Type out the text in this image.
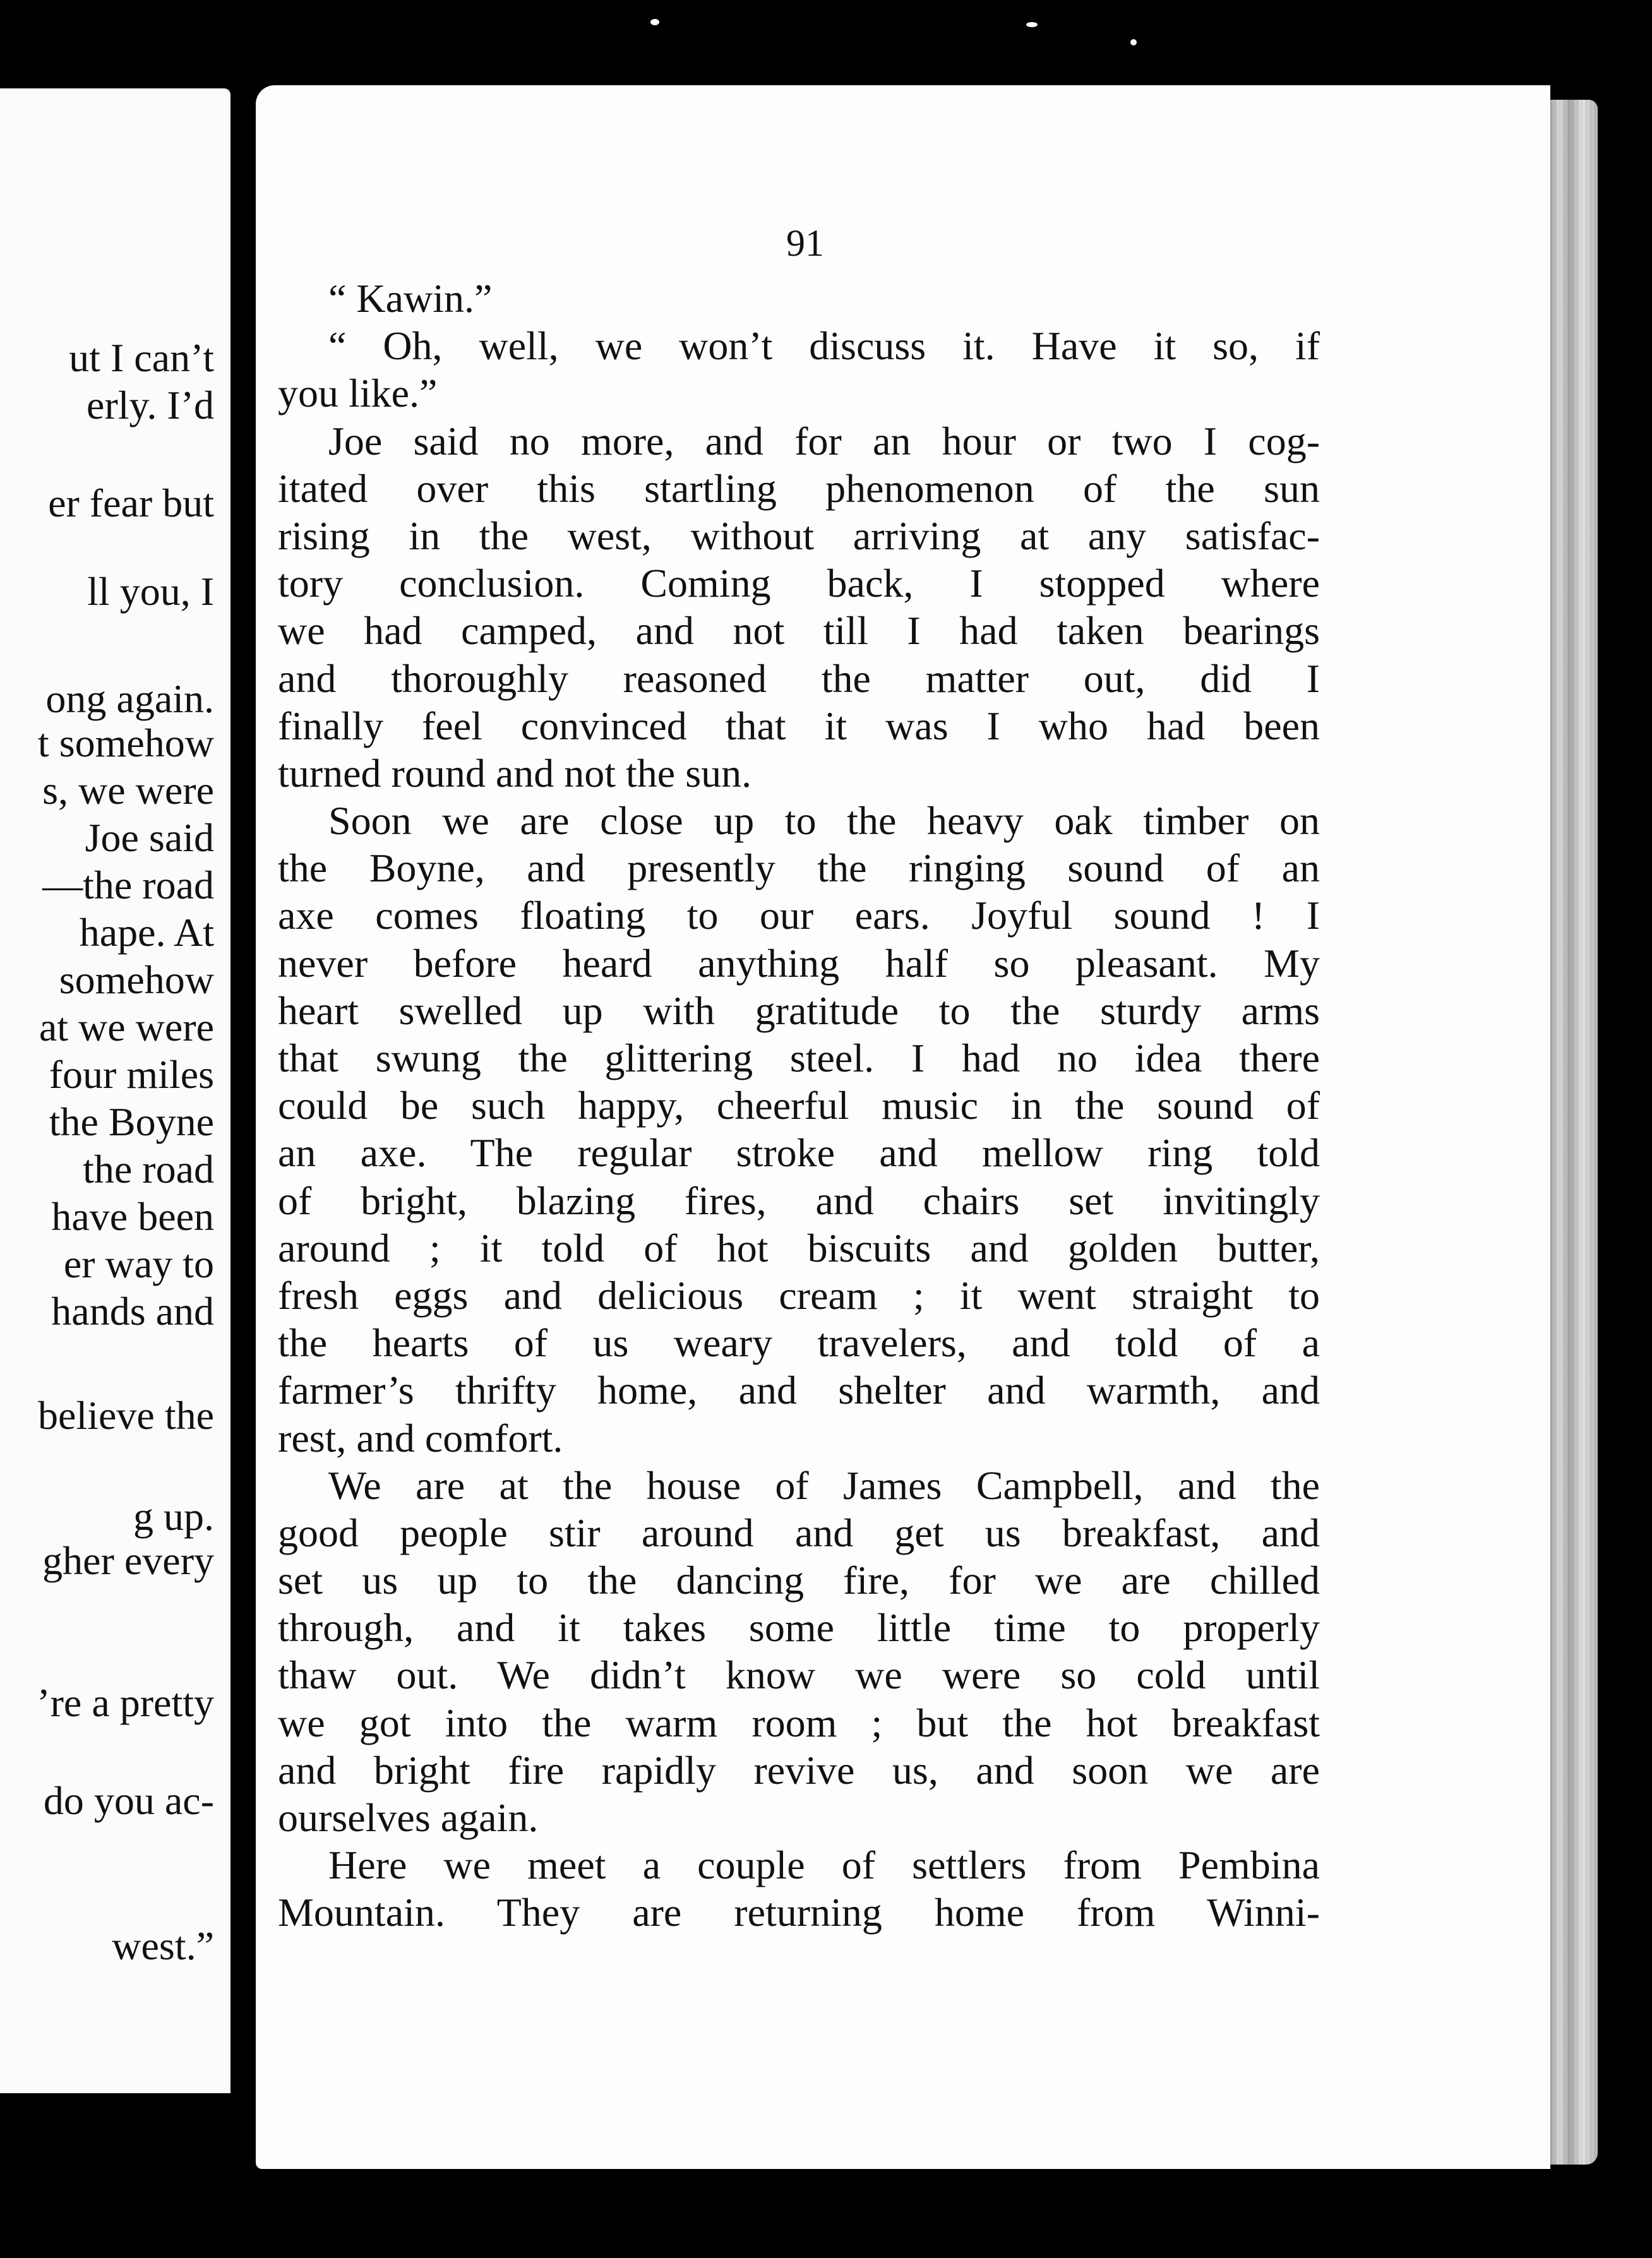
ut I can’t
erly. I’d
er fear but
ll you, I
ong again.
t somehow
s, we were
Joe said
—the road
hape. At
somehow
at we were
four miles
the Boyne
the road
have been
er way to
hands and
believe the
g up.
gher every
’re a pretty
do you ac-
west.”
91
“ Kawin.”
“ Oh, well, we won’t discuss it. Have it so, if
you like.”
Joe said no more, and for an hour or two I cog-
itated over this startling phenomenon of the sun
rising in the west, without arriving at any satisfac-
tory conclusion. Coming back, I stopped where
we had camped, and not till I had taken bearings
and thoroughly reasoned the matter out, did I
finally feel convinced that it was I who had been
turned round and not the sun.
Soon we are close up to the heavy oak timber on
the Boyne, and presently the ringing sound of an
axe comes floating to our ears. Joyful sound ! I
never before heard anything half so pleasant. My
heart swelled up with gratitude to the sturdy arms
that swung the glittering steel. I had no idea there
could be such happy, cheerful music in the sound of
an axe. The regular stroke and mellow ring told
of bright, blazing fires, and chairs set invitingly
around ; it told of hot biscuits and golden butter,
fresh eggs and delicious cream ; it went straight to
the hearts of us weary travelers, and told of a
farmer’s thrifty home, and shelter and warmth, and
rest, and comfort.
We are at the house of James Campbell, and the
good people stir around and get us breakfast, and
set us up to the dancing fire, for we are chilled
through, and it takes some little time to properly
thaw out. We didn’t know we were so cold until
we got into the warm room ; but the hot breakfast
and bright fire rapidly revive us, and soon we are
ourselves again.
Here we meet a couple of settlers from Pembina
Mountain. They are returning home from Winni-
